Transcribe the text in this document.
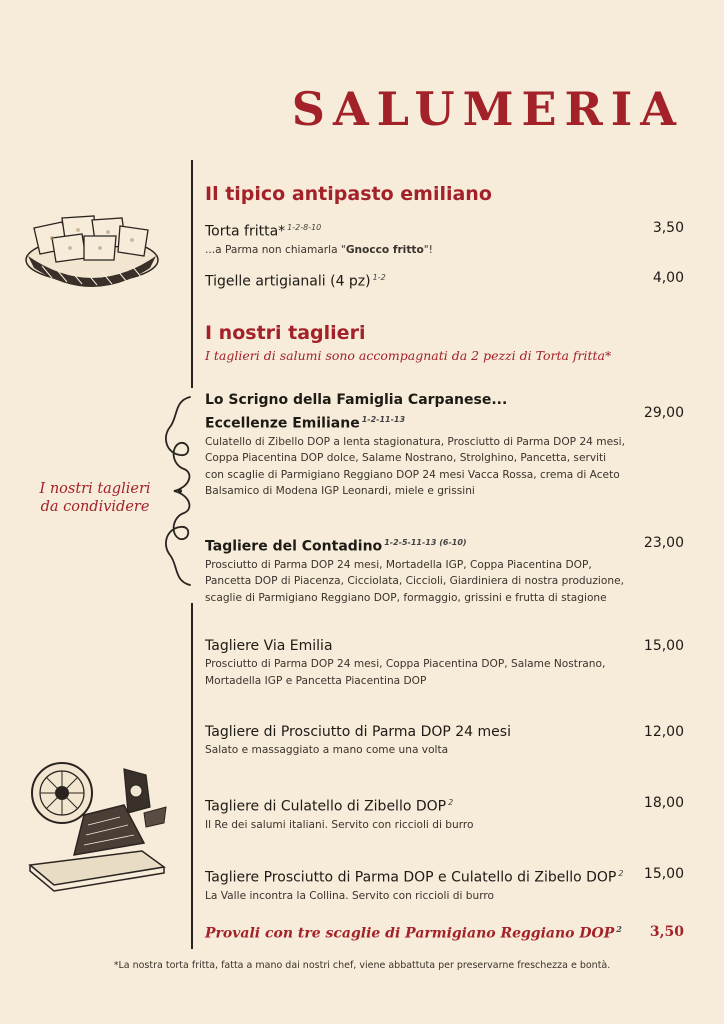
SALUMERIA
I nostri taglieri
da condividere
Il tipico antipasto emiliano
Torta fritta* $^{1-2-8-10}$	3,50
...a Parma non chiamarla "Gnocco fritto"!
Tigelle artigianali (4 pz) $^{1-2}$	4,00
I nostri taglieri
I taglieri di salumi sono accompagnati da 2 pezzi di Torta fritta*
Lo Scrigno della Famiglia Carpanese...
Eccellenze Emiliane $^{1-2-11-13}$	29,00
Culatello di Zibello DOP a lenta stagionatura, Prosciutto di Parma DOP 24 mesi, Coppa Piacentina DOP dolce, Salame Nostrano, Strolghino, Pancetta, serviti con scaglie di Parmigiano Reggiano DOP 24 mesi Vacca Rossa, crema di Aceto Balsamico di Modena IGP Leonardi, miele e grissini
Tagliere del Contadino $^{1-2-5-11-13 (6-10)}$	23,00
Prosciutto di Parma DOP 24 mesi, Mortadella IGP, Coppa Piacentina DOP, Pancetta DOP di Piacenza, Cicciolata, Ciccioli, Giardiniera di nostra produzione, scaglie di Parmigiano Reggiano DOP, formaggio, grissini e frutta di stagione
Tagliere Via Emilia	15,00
Prosciutto di Parma DOP 24 mesi, Coppa Piacentina DOP, Salame Nostrano, Mortadella IGP e Pancetta Piacentina DOP
Tagliere di Prosciutto di Parma DOP 24 mesi	12,00
Salato e massaggiato a mano come una volta
Tagliere di Culatello di Zibello DOP $^2$	18,00
Il Re dei salumi italiani. Servito con riccioli di burro
Tagliere Prosciutto di Parma DOP e Culatello di Zibello DOP $^2$ 15,00
La Valle incontra la Collina. Servito con riccioli di burro
Provali con tre scaglie di Parmigiano Reggiano DOP $^2$ 3,50
*La nostra torta fritta, fatta a mano dai nostri chef, viene abbattuta per preservarne freschezza e bontà.
